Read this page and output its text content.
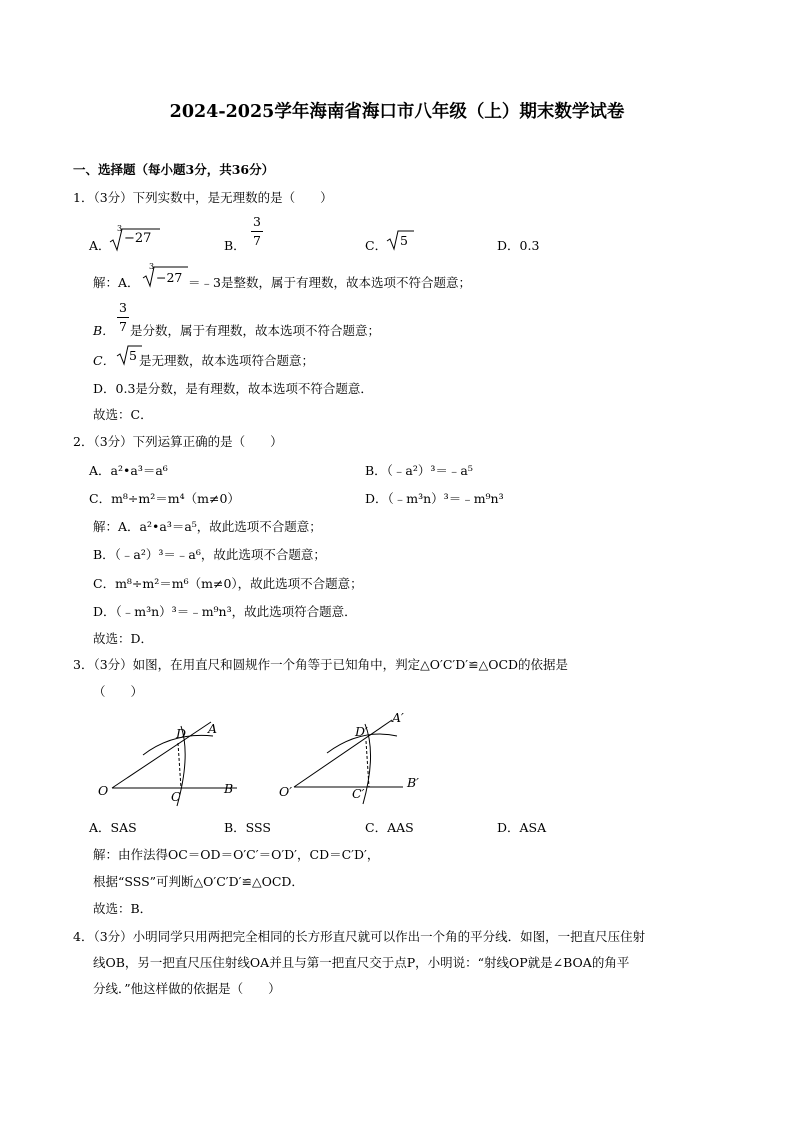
2024-2025学年海南省海口市八年级（上）期末数学试卷
一、选择题（每小题3分，共36分）
1．（3分）下列实数中，是无理数的是（　　）
A．
3
−27	B．
3
7	C． 5	D．0.3
解：A．
3
−27 ＝﹣3是整数，属于有理数，故本选项不符合题意；
B．
3
7 是分数，属于有理数，故本选项不符合题意；
C． 5 是无理数，故本选项符合题意；
D．0.3是分数，是有理数，故本选项不符合题意．
故选：C．
2．（3分）下列运算正确的是（　　）
A．a²•a³＝a⁶	B．（﹣a²）³＝﹣a⁵
C．m⁸÷m²＝m⁴（m≠0）	D．（﹣m³n）³＝﹣m⁹n³
解：A．a²•a³＝a⁵，故此选项不合题意；
B．（﹣a²）³＝﹣a⁶，故此选项不合题意；
C．m⁸÷m²＝m⁶（m≠0），故此选项不合题意；
D．（﹣m³n）³＝﹣m⁹n³，故此选项符合题意．
故选：D．
3．（3分）如图，在用直尺和圆规作一个角等于已知角中，判定△O′C′D′≌△OCD的依据是
（　　）
O
A
B
C
D
O′
A′
B′
C′
D′
A．SAS	B．SSS	C．AAS	D．ASA
解：由作法得OC＝OD＝O′C′＝O′D′，CD＝C′D′，
根据“SSS”可判断△O′C′D′≌△OCD．
故选：B．
4．（3分）小明同学只用两把完全相同的长方形直尺就可以作出一个角的平分线．如图，一把直尺压住射
线OB，另一把直尺压住射线OA并且与第一把直尺交于点P，小明说：“射线OP就是∠BOA的角平
分线．”他这样做的依据是（　　）
